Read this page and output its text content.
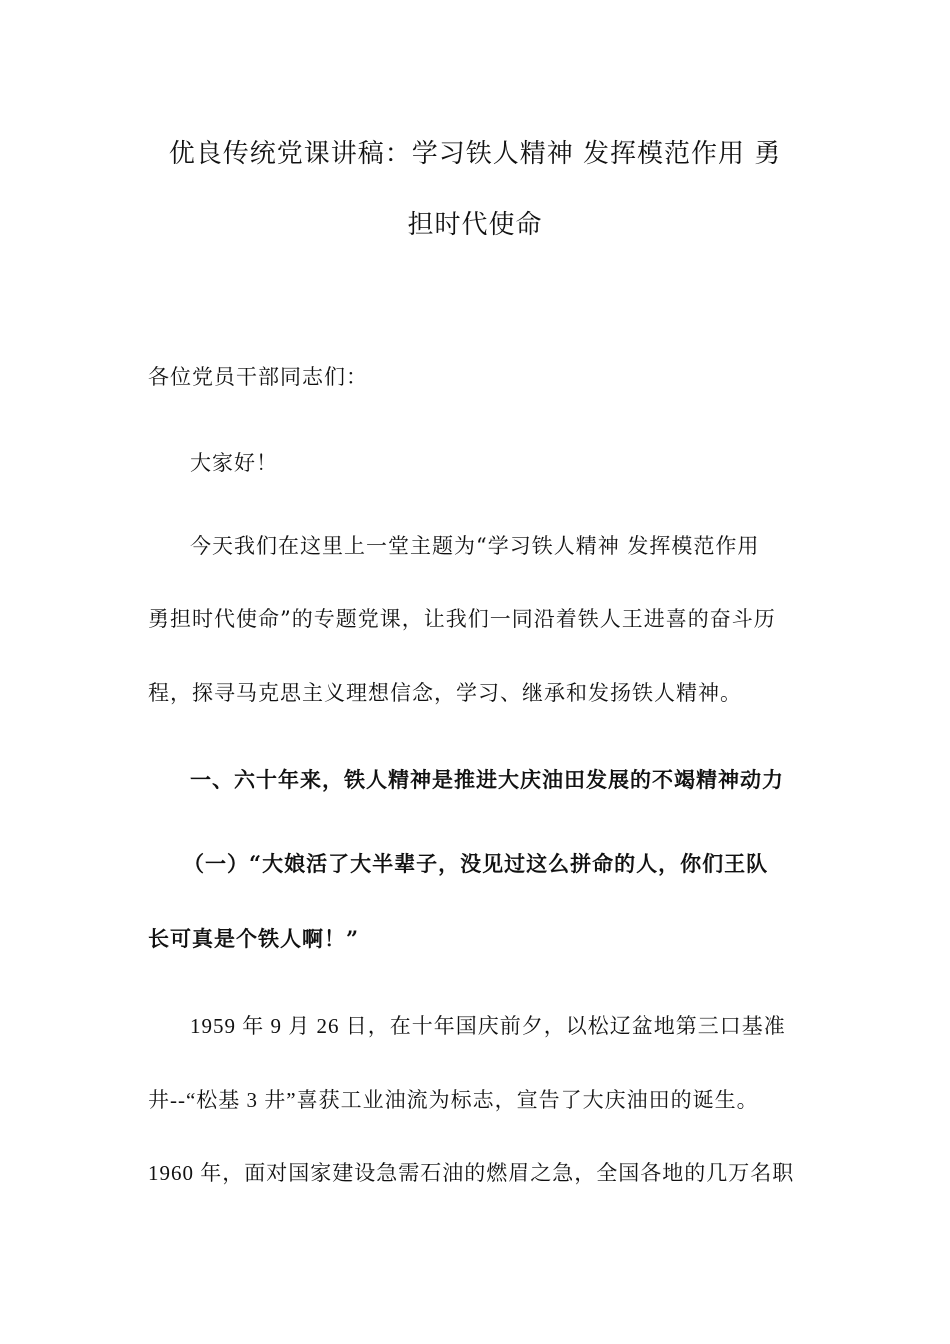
优良传统党课讲稿：学习铁人精神 发挥模范作用 勇
担时代使命
各位党员干部同志们：
大家好！
今天我们在这里上一堂主题为“学习铁人精神 发挥模范作用
勇担时代使命”的专题党课，让我们一同沿着铁人王进喜的奋斗历
程，探寻马克思主义理想信念，学习、继承和发扬铁人精神。
一、六十年来，铁人精神是推进大庆油田发展的不竭精神动力
（一）“大娘活了大半辈子，没见过这么拼命的人，你们王队
长可真是个铁人啊！”
1959 年 9 月 26 日，在十年国庆前夕，以松辽盆地第三口基准
井--“松基 3 井”喜获工业油流为标志，宣告了大庆油田的诞生。
1960 年，面对国家建设急需石油的燃眉之急，全国各地的几万名职
